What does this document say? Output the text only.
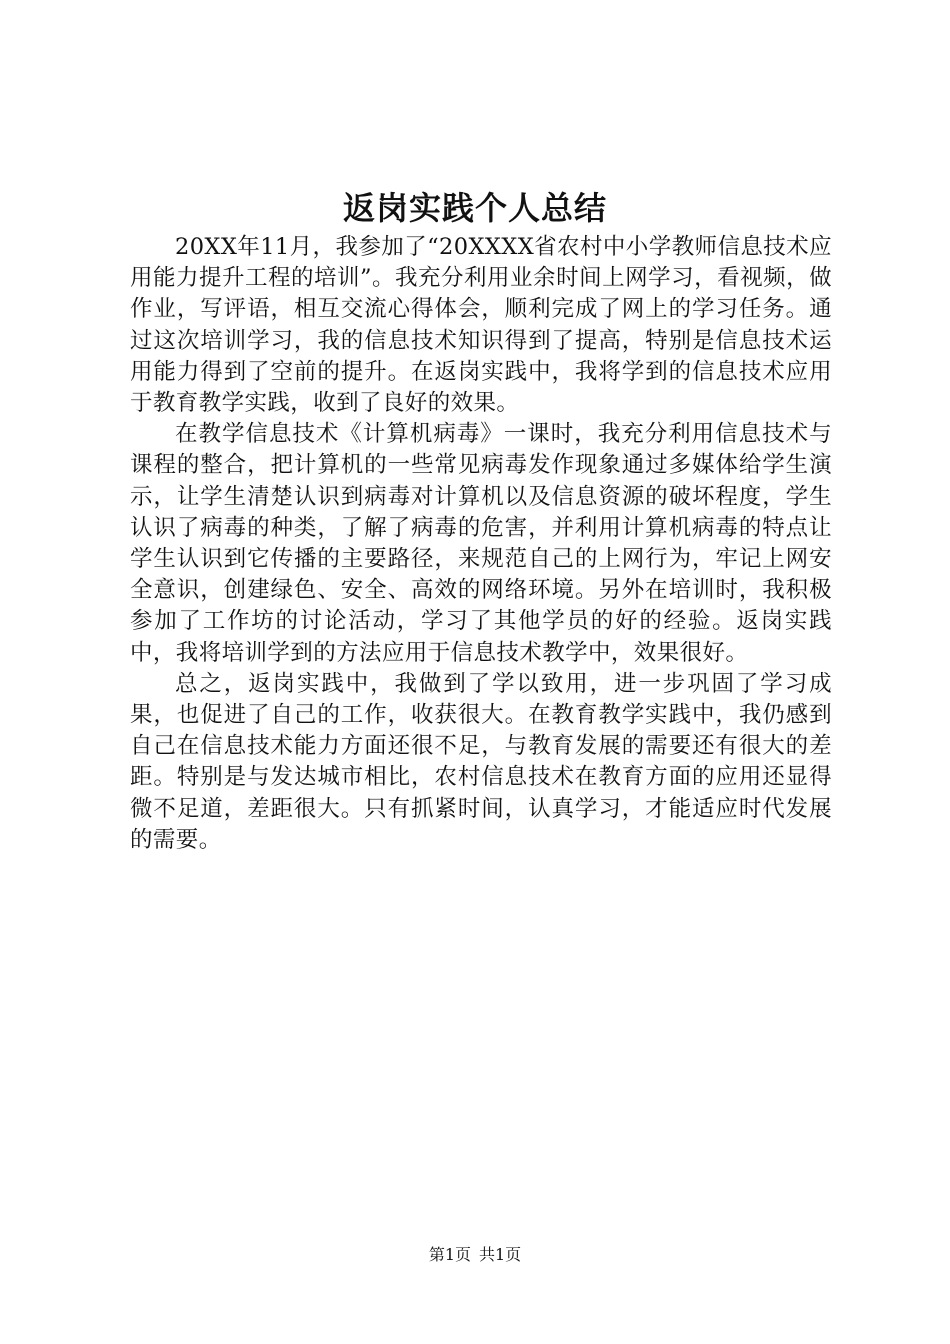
返岗实践个人总结

20XX年11月，我参加了“20XXXX省农村中小学教师信息技术应用能力提升工程的培训”。我充分利用业余时间上网学习，看视频，做作业，写评语，相互交流心得体会，顺利完成了网上的学习任务。通过这次培训学习，我的信息技术知识得到了提高，特别是信息技术运用能力得到了空前的提升。在返岗实践中，我将学到的信息技术应用于教育教学实践，收到了良好的效果。

在教学信息技术《计算机病毒》一课时，我充分利用信息技术与课程的整合，把计算机的一些常见病毒发作现象通过多媒体给学生演示，让学生清楚认识到病毒对计算机以及信息资源的破坏程度，学生认识了病毒的种类，了解了病毒的危害，并利用计算机病毒的特点让学生认识到它传播的主要路径，来规范自己的上网行为，牢记上网安全意识，创建绿色、安全、高效的网络环境。另外在培训时，我积极参加了工作坊的讨论活动，学习了其他学员的好的经验。返岗实践中，我将培训学到的方法应用于信息技术教学中，效果很好。

总之，返岗实践中，我做到了学以致用，进一步巩固了学习成果，也促进了自己的工作，收获很大。在教育教学实践中，我仍感到自己在信息技术能力方面还很不足，与教育发展的需要还有很大的差距。特别是与发达城市相比，农村信息技术在教育方面的应用还显得微不足道，差距很大。只有抓紧时间，认真学习，才能适应时代发展的需要。

第1页 共1页
